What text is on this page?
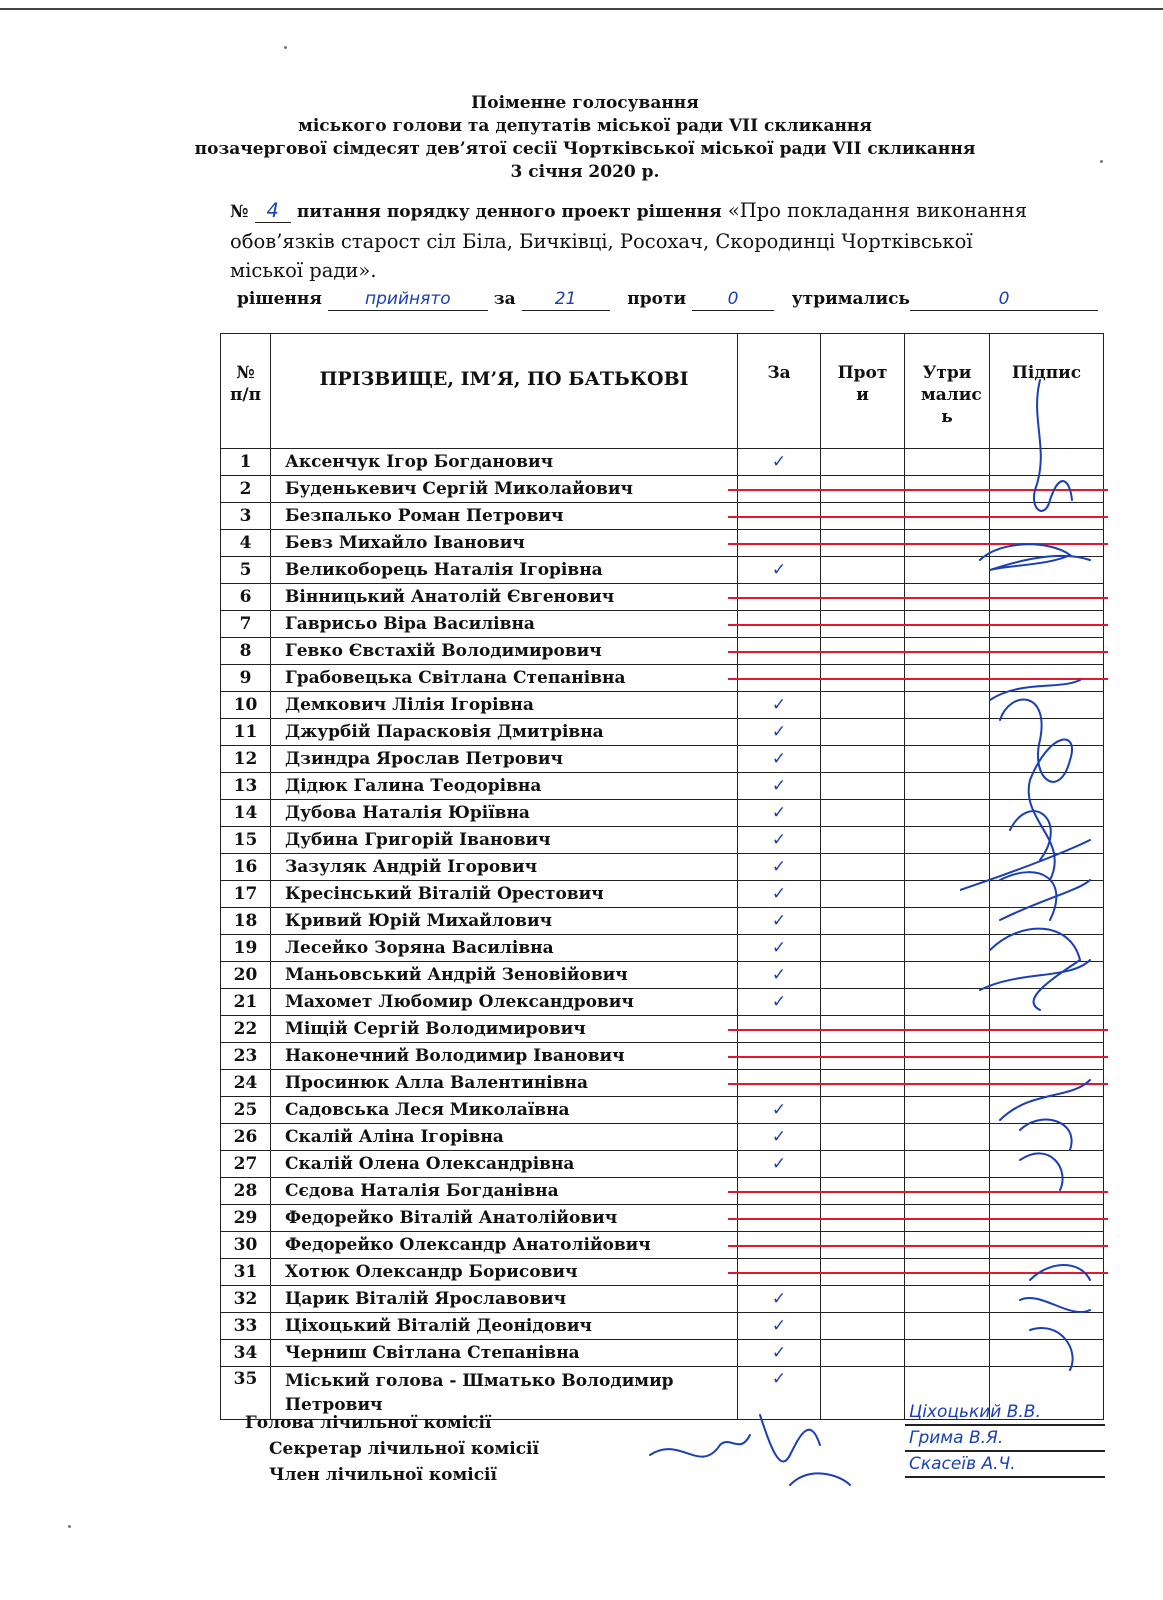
Поіменне голосування
міського голови та депутатів міської ради VII скликання
позачергової сімдесят дев’ятої сесії Чортківської міської ради VII скликання
3 січня 2020 р.
№ 4 питання порядку денного проект рішення «Про покладання виконання
обов’язків старост сіл Біла, Бичківці, Росохач, Скородинці Чортківської
міської ради».
рішення	прийнято	за 21	проти 0	утримались	0
№ п/п	ПРІЗВИЩЕ, ІМ’Я, ПО БАТЬКОВІ	За	Прот и	Утри малис ь	Підпис
1	Аксенчук Ігор Богданович	✓			
2	Буденькевич Сергій Миколайович				
3	Безпалько Роман Петрович				
4	Бевз Михайло Іванович				
5	Великоборець Наталія Ігорівна	✓			
6	Вінницький Анатолій Євгенович				
7	Гаврисьо Віра Василівна				
8	Гевко Євстахій Володимирович				
9	Грабовецька Світлана Степанівна				
10	Демкович Лілія Ігорівна	✓			
11	Джурбій Парасковія Дмитрівна	✓			
12	Дзиндра Ярослав Петрович	✓			
13	Дідюк Галина Теодорівна	✓			
14	Дубова Наталія Юріївна	✓			
15	Дубина Григорій Іванович	✓			
16	Зазуляк Андрій Ігорович	✓			
17	Кресінський Віталій Орестович	✓			
18	Кривий Юрій Михайлович	✓			
19	Лесейко Зоряна Василівна	✓			
20	Маньовський Андрій Зеновійович	✓			
21	Махомет Любомир Олександрович	✓			
22	Міщій Сергій Володимирович				
23	Наконечний Володимир Іванович				
24	Просинюк Алла Валентинівна				
25	Садовська Леся Миколаївна	✓			
26	Скалій Аліна Ігорівна	✓			
27	Скалій Олена Олександрівна	✓			
28	Сєдова Наталія Богданівна				
29	Федорейко Віталій Анатолійович				
30	Федорейко Олександр Анатолійович				
31	Хотюк Олександр Борисович				
32	Царик Віталій Ярославович	✓			
33	Ціхоцький Віталій Деонідович	✓			
34	Черниш Світлана Степанівна	✓			
35	Міський голова - Шматько Володимир Петрович	✓			
Голова лічильної комісії
Секретар лічильної комісії
Член лічильної комісії
Ціхоцький В.В.
Грима В.Я.
Скасеїв А.Ч.
